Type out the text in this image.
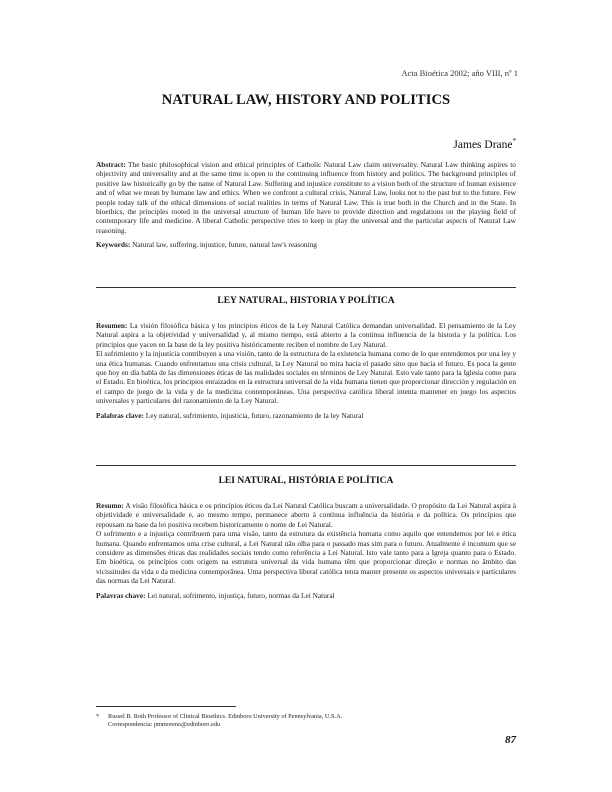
Acta Bioética 2002; año VIII, nº 1
NATURAL LAW, HISTORY AND POLITICS
James Drane*

Abstract: The basic philosophical vision and ethical principles of Catholic Natural Law claim universality. Natural Law thinking aspires to objectivity and universality and at the same time is open to the continuing influence from history and politics. The background principles of positive law historically go by the name of Natural Law. Suffering and injustice constitute to a vision both of the structure of human existence and of what we mean by humane law and ethics. When we confront a cultural crisis, Natural Law, looks not to the past but to the future. Few people today talk of the ethical dimensions of social realities in terms of Natural Law. This is true both in the Church and in the State. In bioethics, the principles rooted in the universal structure of human life have to provide direction and regulations on the playing field of contemporary life and medicine. A liberal Catholic perspective tries to keep in play the universal and the particular aspects of Natural Law reasoning.

Keywords: Natural law, suffering, injustice, future, natural law's reasoning

LEY NATURAL, HISTORIA Y POLÍTICA

Resumen: La visión filosófica básica y los principios éticos de la Ley Natural Católica demandan universalidad. El pensamiento de la Ley Natural aspira a la objetividad y universalidad y, al mismo tiempo, está abierto a la continua influencia de la historia y la política. Los principios que yacen en la base de la ley positiva históricamente reciben el nombre de Ley Natural.

El sufrimiento y la injusticia contribuyen a una visión, tanto de la estructura de la existencia humana como de lo que entendemos por una ley y una ética humanas. Cuando enfrentamos una crisis cultural, la Ley Natural no mira hacia el pasado sino que hacia el futuro. Es poca la gente que hoy en día habla de las dimensiones éticas de las realidades sociales en términos de Ley Natural. Esto vale tanto para la Iglesia como para el Estado. En bioética, los principios enraizados en la estructura universal de la vida humana tienen que proporcionar dirección y regulación en el campo de juego de la vida y de la medicina contemporáneas. Una perspectiva católica liberal intenta mantener en juego los aspectos universales y particulares del razonamiento de la Ley Natural.

Palabras clave: Ley natural, sufrimiento, injusticia, futuro, razonamiento de la ley Natural

LEI NATURAL, HISTÓRIA E POLÍTICA

Resumo: A visão filosófica básica e os princípios éticos da Lei Natural Católica buscam a universalidade. O propósito da Lei Natural aspira à objetividade e universalidade e, ao mesmo tempo, permanece aberto à contínua influência da história e da política. Os princípios que repousam na base da lei positiva recebem historicamente o nome de Lei Natural.

O sofrimento e a injustiça contribuem para uma visão, tanto da estrutura da existência humana como aquilo que entendemos por lei e ética humana. Quando enfrentamos uma crise cultural, a Lei Natural não olha para o passado mas sim para o futuro. Atualmente é incomum que se considere as dimensões éticas das realidades sociais tendo como referência a Lei Natural. Isto vale tanto para a Igreja quanto para o Estado. Em bioética, os princípios com origem na estrutura universal da vida humana têm que proporcionar direção e normas no âmbito das vicissitudes da vida e da medicina contemporânea. Uma perspectiva liberal católica tenta manter presente os aspectos universais e particulares das normas da Lei Natural.

Palavras chave: Lei natural, sofrimento, injustiça, futuro, normas da Lei Natural

* Russel B. Roth Professor of Clinical Bioethics. Edinboro University of Pennsylvania, U.S.A.
Correspondencia: pmmoreno@edinboro.edu
87
